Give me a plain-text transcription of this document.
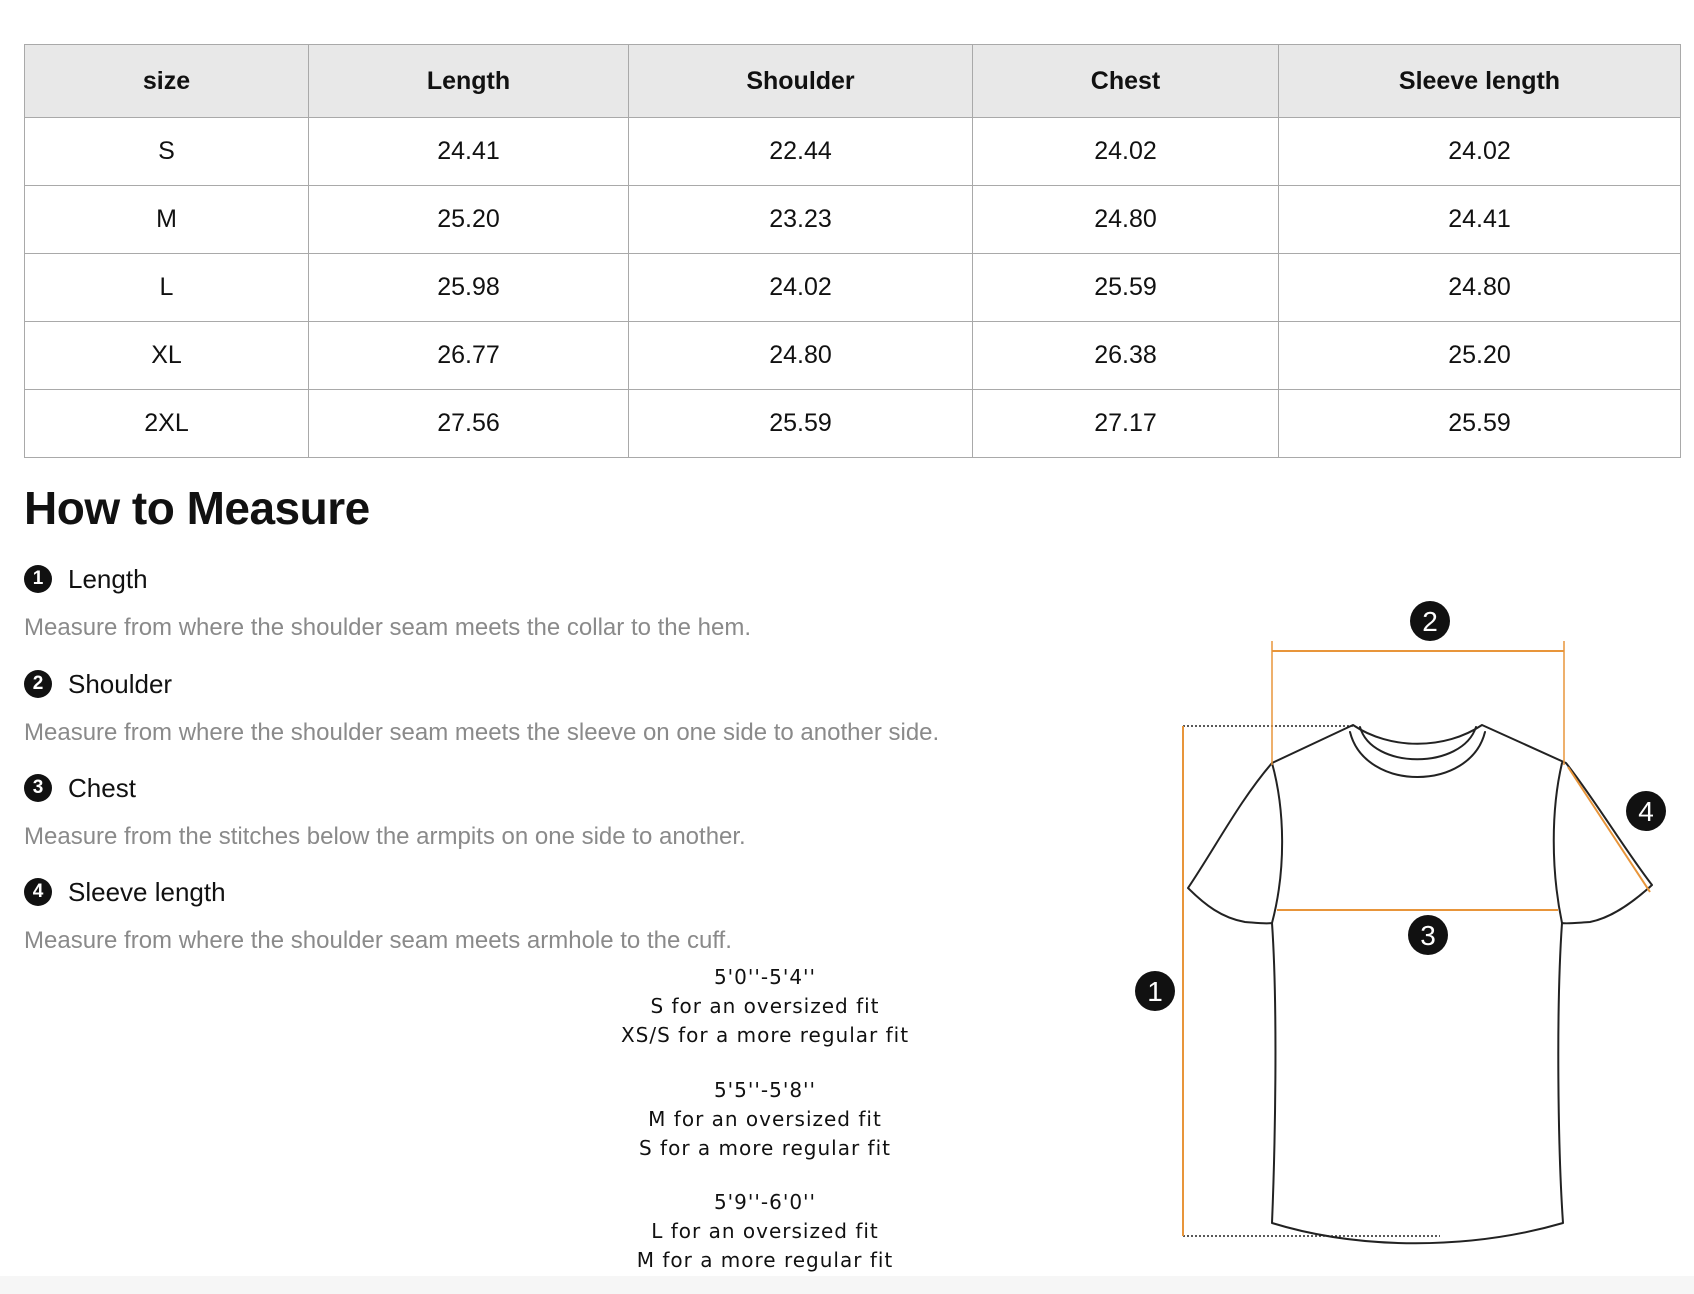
size	Length	Shoulder	Chest	Sleeve length
S	24.41	22.44	24.02	24.02
M	25.20	23.23	24.80	24.41
L	25.98	24.02	25.59	24.80
XL	26.77	24.80	26.38	25.20
2XL	27.56	25.59	27.17	25.59
How to Measure
1 Length
Measure from where the shoulder seam meets the collar to the hem.
2 Shoulder
Measure from where the shoulder seam meets the sleeve on one side to another side.
3 Chest
Measure from the stitches below the armpits on one side to another.
4 Sleeve length
Measure from where the shoulder seam meets armhole to the cuff.
5'0''-5'4''
S for an oversized fit
XS/S for a more regular fit
5'5''-5'8''
M for an oversized fit
S for a more regular fit
5'9''-6'0''
L for an oversized fit
M for a more regular fit
1
2
3
4
